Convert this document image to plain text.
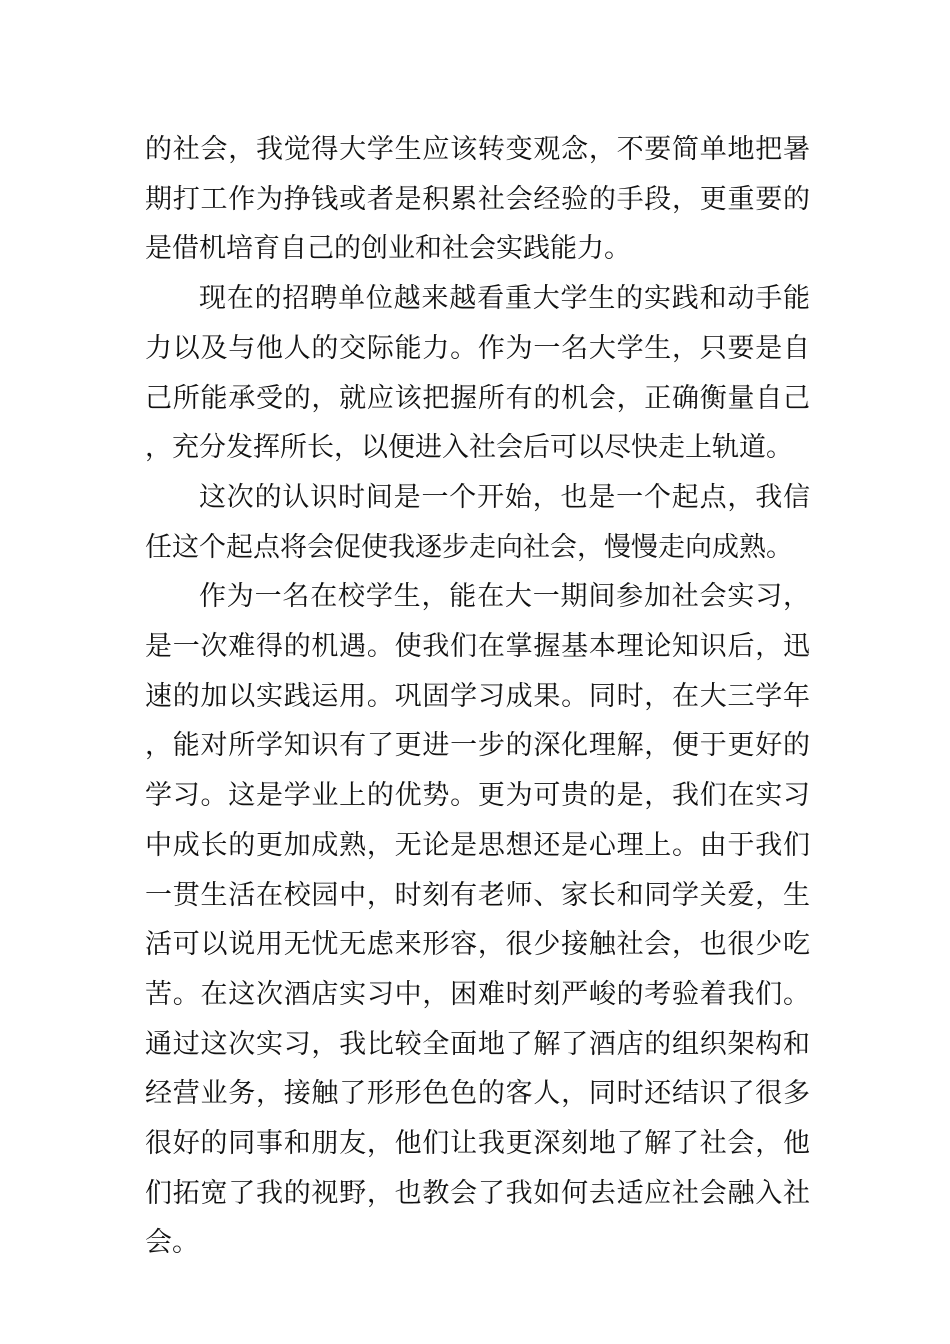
的社会，我觉得大学生应该转变观念，不要简单地把暑期打工作为挣钱或者是积累社会经验的手段，更重要的是借机培育自己的创业和社会实践能力。

现在的招聘单位越来越看重大学生的实践和动手能力以及与他人的交际能力。作为一名大学生，只要是自己所能承受的，就应该把握所有的机会，正确衡量自己，充分发挥所长，以便进入社会后可以尽快走上轨道。

这次的认识时间是一个开始，也是一个起点，我信任这个起点将会促使我逐步走向社会，慢慢走向成熟。

作为一名在校学生，能在大一期间参加社会实习，是一次难得的机遇。使我们在掌握基本理论知识后，迅速的加以实践运用。巩固学习成果。同时，在大三学年，能对所学知识有了更进一步的深化理解，便于更好的学习。这是学业上的优势。更为可贵的是，我们在实习中成长的更加成熟，无论是思想还是心理上。由于我们一贯生活在校园中，时刻有老师、家长和同学关爱，生活可以说用无忧无虑来形容，很少接触社会，也很少吃苦。在这次酒店实习中，困难时刻严峻的考验着我们。通过这次实习，我比较全面地了解了酒店的组织架构和经营业务，接触了形形色色的客人，同时还结识了很多很好的同事和朋友，他们让我更深刻地了解了社会，他们拓宽了我的视野，也教会了我如何去适应社会融入社会。
